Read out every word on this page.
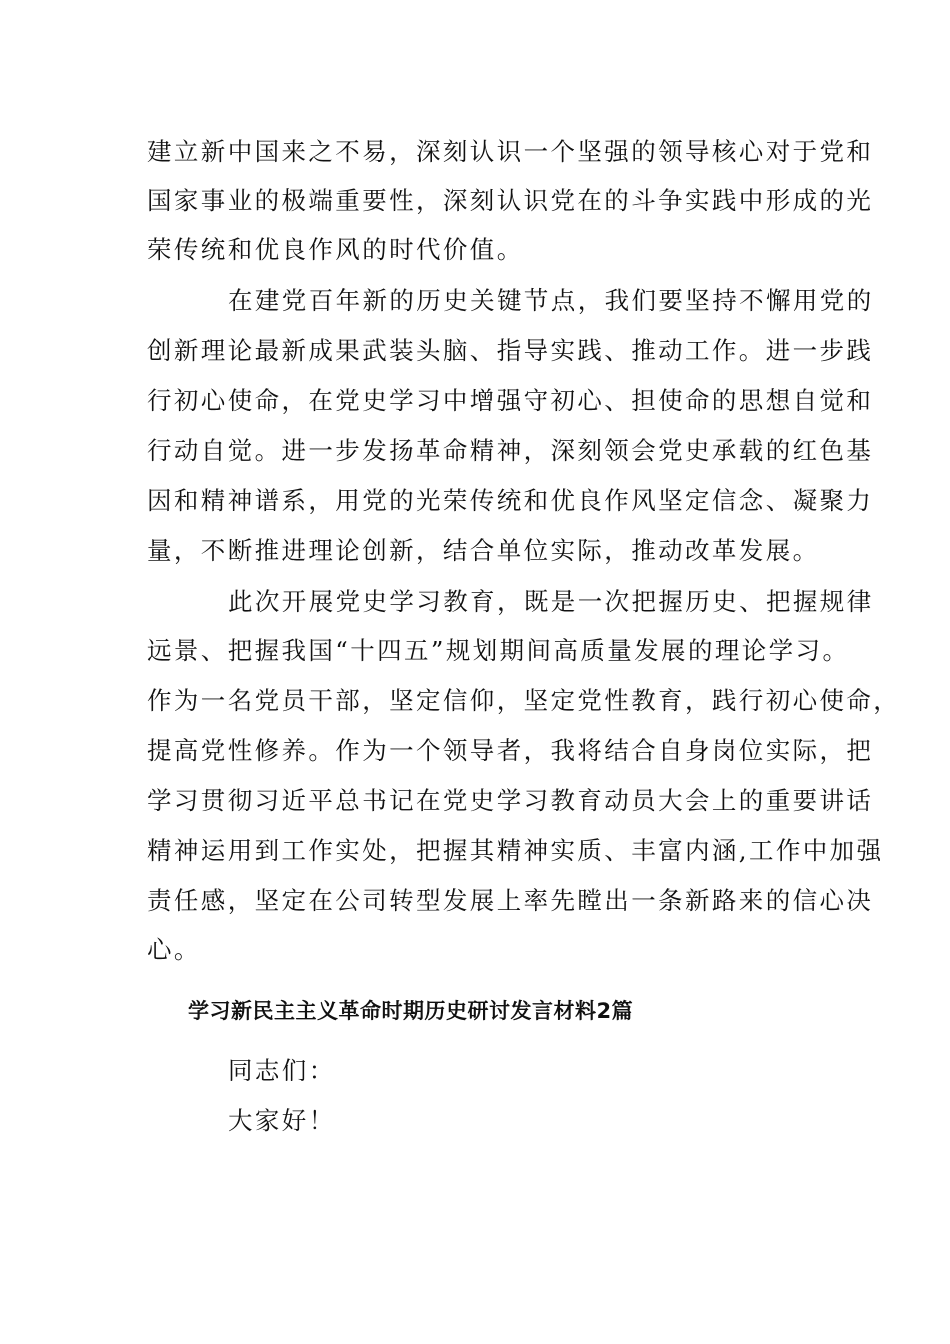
建立新中国来之不易，深刻认识一个坚强的领导核心对于党和
国家事业的极端重要性，深刻认识党在的斗争实践中形成的光
荣传统和优良作风的时代价值。
在建党百年新的历史关键节点，我们要坚持不懈用党的
创新理论最新成果武装头脑、指导实践、推动工作。进一步践
行初心使命，在党史学习中增强守初心、担使命的思想自觉和
行动自觉。进一步发扬革命精神，深刻领会党史承载的红色基
因和精神谱系，用党的光荣传统和优良作风坚定信念、凝聚力
量，不断推进理论创新，结合单位实际，推动改革发展。
此次开展党史学习教育，既是一次把握历史、把握规律
远景、把握我国“十四五”规划期间高质量发展的理论学习。
作为一名党员干部，坚定信仰，坚定党性教育，践行初心使命，
提高党性修养。作为一个领导者，我将结合自身岗位实际，把
学习贯彻习近平总书记在党史学习教育动员大会上的重要讲话
精神运用到工作实处，把握其精神实质、丰富内涵,工作中加强
责任感，坚定在公司转型发展上率先瞠出一条新路来的信心决
心。
学习新民主主义革命时期历史研讨发言材料2篇
同志们：
大家好！
